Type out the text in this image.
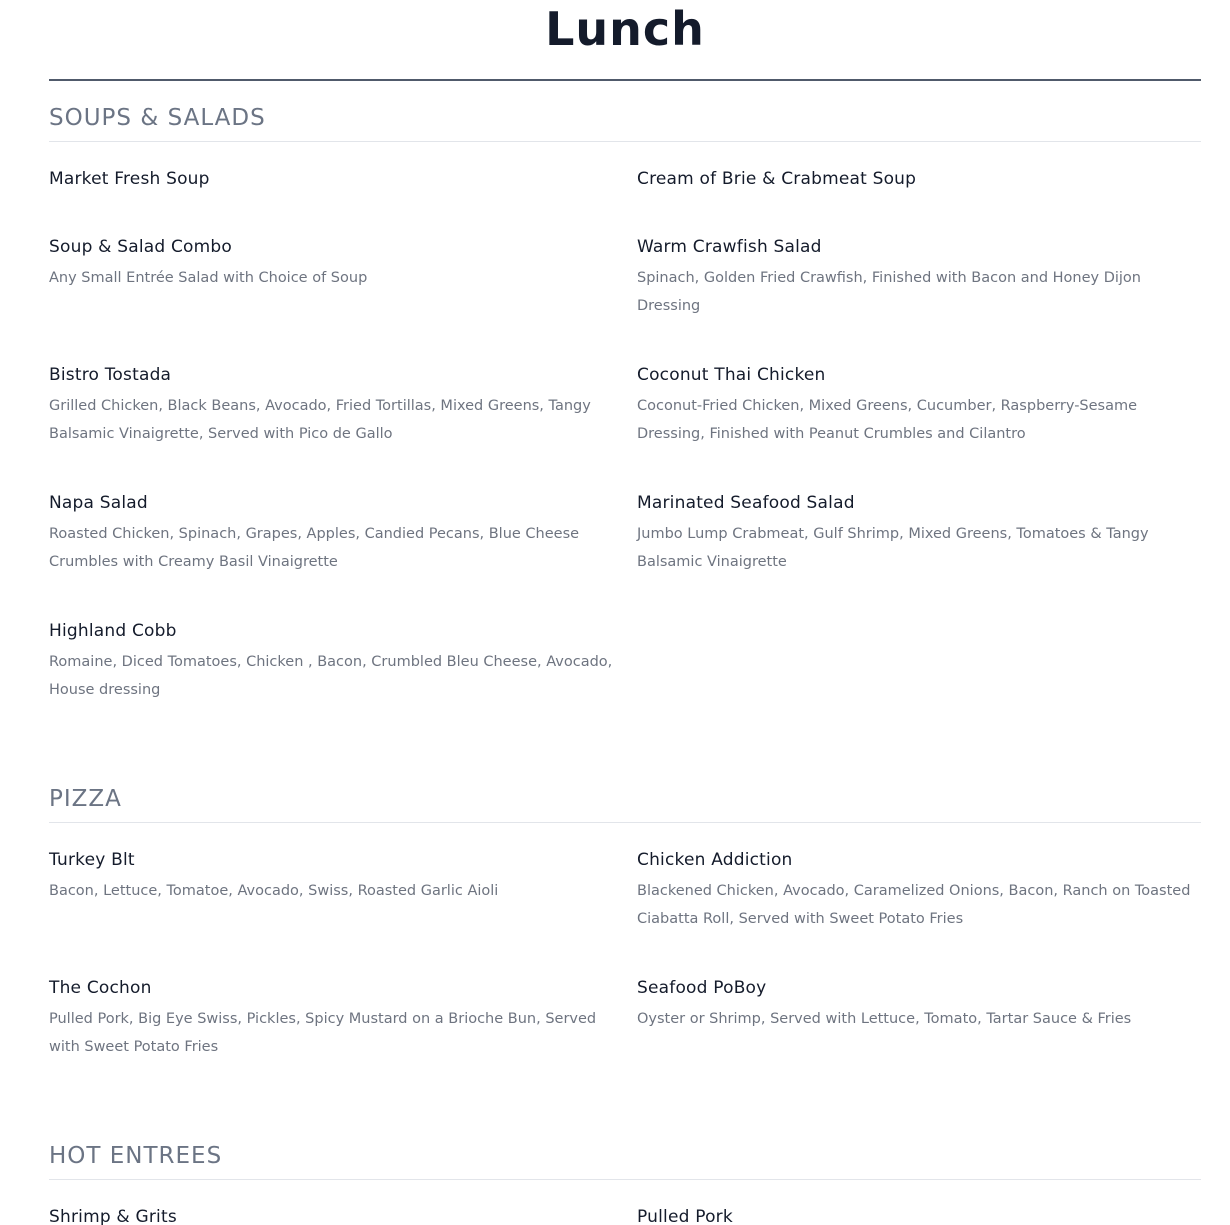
Lunch
SOUPS & SALADS
Market Fresh Soup	Cream of Brie & Crabmeat Soup
Soup & Salad Combo
Any Small Entrée Salad with Choice of Soup
Warm Crawfish Salad
Spinach, Golden Fried Crawfish, Finished with Bacon and Honey Dijon Dressing
Bistro Tostada
Grilled Chicken, Black Beans, Avocado, Fried Tortillas, Mixed Greens, Tangy Balsamic Vinaigrette, Served with Pico de Gallo
Coconut Thai Chicken
Coconut-Fried Chicken, Mixed Greens, Cucumber, Raspberry-Sesame Dressing, Finished with Peanut Crumbles and Cilantro
Napa Salad
Roasted Chicken, Spinach, Grapes, Apples, Candied Pecans, Blue Cheese Crumbles with Creamy Basil Vinaigrette
Marinated Seafood Salad
Jumbo Lump Crabmeat, Gulf Shrimp, Mixed Greens, Tomatoes & Tangy Balsamic Vinaigrette
Highland Cobb
Romaine, Diced Tomatoes, Chicken , Bacon, Crumbled Bleu Cheese, Avocado, House dressing
PIZZA
Turkey Blt
Bacon, Lettuce, Tomatoe, Avocado, Swiss, Roasted Garlic Aioli
Chicken Addiction
Blackened Chicken, Avocado, Caramelized Onions, Bacon, Ranch on Toasted Ciabatta Roll, Served with Sweet Potato Fries
The Cochon
Pulled Pork, Big Eye Swiss, Pickles, Spicy Mustard on a Brioche Bun, Served with Sweet Potato Fries
Seafood PoBoy
Oyster or Shrimp, Served with Lettuce, Tomato, Tartar Sauce & Fries
HOT ENTREES
Shrimp & Grits	Pulled Pork
